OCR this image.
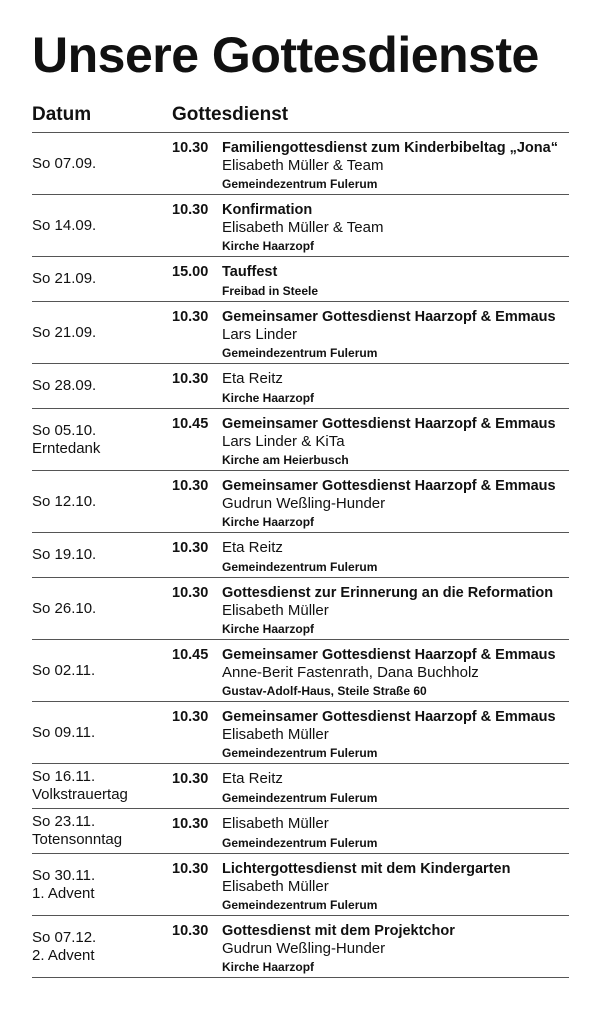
Unsere Gottesdienste
Datum	Gottesdienst
So 07.09.
10.30 Familiengottesdienst zum Kinderbibeltag „Jona“
Elisabeth Müller & Team
Gemeindezentrum Fulerum
So 14.09.
10.30 Konfirmation
Elisabeth Müller & Team
Kirche Haarzopf
So 21.09.	15.00 Tauffest
Freibad in Steele
So 21.09.
10.30 Gemeinsamer Gottesdienst Haarzopf & Emmaus
Lars Linder
Gemeindezentrum Fulerum
So 28.09.	10.30 Eta Reitz
Kirche Haarzopf
So 05.10.
Erntedank
10.45 Gemeinsamer Gottesdienst Haarzopf & Emmaus
Lars Linder & KiTa
Kirche am Heierbusch
So 12.10.
10.30 Gemeinsamer Gottesdienst Haarzopf & Emmaus
Gudrun Weßling-Hunder
Kirche Haarzopf
So 19.10.	10.30 Eta Reitz
Gemeindezentrum Fulerum
So 26.10.
10.30 Gottesdienst zur Erinnerung an die Reformation
Elisabeth Müller
Kirche Haarzopf
So 02.11.
10.45 Gemeinsamer Gottesdienst Haarzopf & Emmaus
Anne-Berit Fastenrath, Dana Buchholz
Gustav-Adolf-Haus, Steile Straße 60
So 09.11.
10.30 Gemeinsamer Gottesdienst Haarzopf & Emmaus
Elisabeth Müller
Gemeindezentrum Fulerum
So 16.11.
Volkstrauertag
10.30 Eta Reitz
Gemeindezentrum Fulerum
So 23.11.
Totensonntag
10.30 Elisabeth Müller
Gemeindezentrum Fulerum
So 30.11.
1. Advent
10.30 Lichtergottesdienst mit dem Kindergarten
Elisabeth Müller
Gemeindezentrum Fulerum
So 07.12.
2. Advent
10.30 Gottesdienst mit dem Projektchor
Gudrun Weßling-Hunder
Kirche Haarzopf
